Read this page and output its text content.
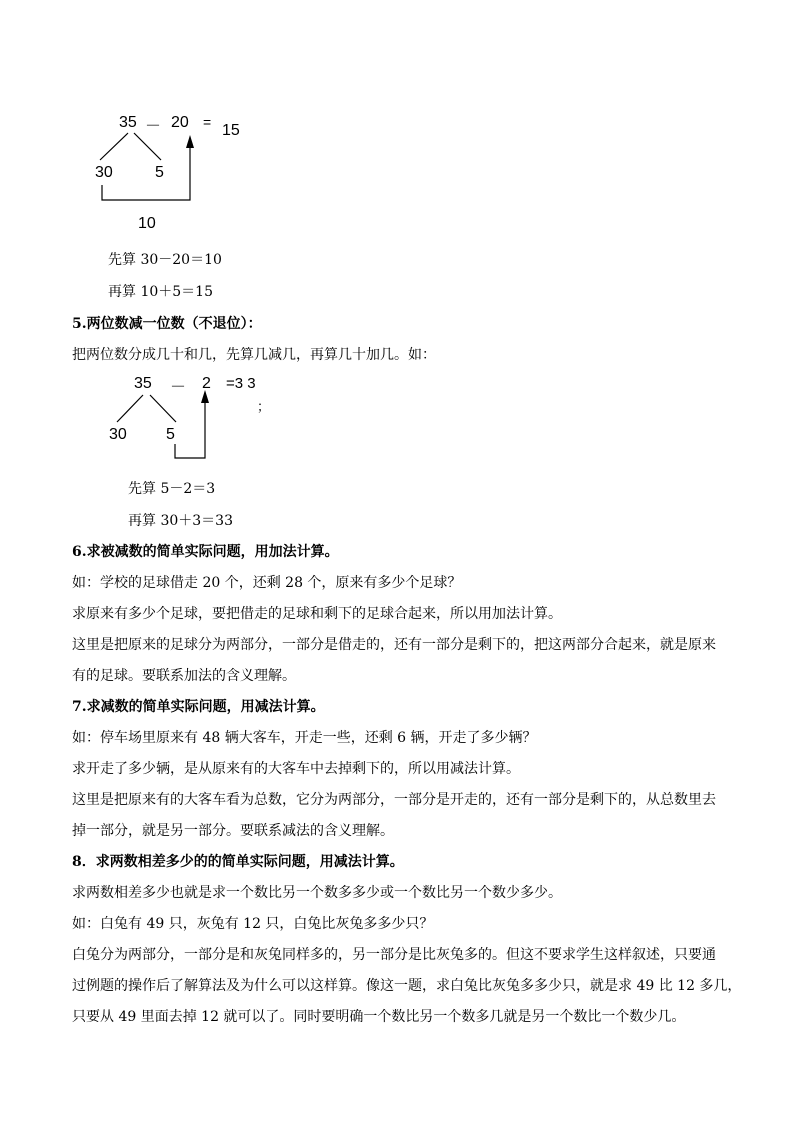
35 － 20 = 15
30	5
10
先算 30－20＝10
再算 10＋5＝15
5.两位数减一位数（不退位）：
把两位数分成几十和几，先算几减几，再算几十加几。如：
35 － 2 =3 3
；
30 5
先算 5－2＝3
再算 30＋3＝33
6.求被减数的简单实际问题，用加法计算。
如：学校的足球借走 20 个，还剩 28 个，原来有多少个足球？
求原来有多少个足球，要把借走的足球和剩下的足球合起来，所以用加法计算。
这里是把原来的足球分为两部分，一部分是借走的，还有一部分是剩下的，把这两部分合起来，就是原来
有的足球。要联系加法的含义理解。
7.求减数的简单实际问题，用减法计算。
如：停车场里原来有 48 辆大客车，开走一些，还剩 6 辆，开走了多少辆？
求开走了多少辆，是从原来有的大客车中去掉剩下的，所以用减法计算。
这里是把原来有的大客车看为总数，它分为两部分，一部分是开走的，还有一部分是剩下的，从总数里去
掉一部分，就是另一部分。要联系减法的含义理解。
8．求两数相差多少的的简单实际问题，用减法计算。
求两数相差多少也就是求一个数比另一个数多多少或一个数比另一个数少多少。
如：白兔有 49 只，灰兔有 12 只，白兔比灰兔多多少只？
白兔分为两部分，一部分是和灰兔同样多的，另一部分是比灰兔多的。但这不要求学生这样叙述，只要通
过例题的操作后了解算法及为什么可以这样算。像这一题，求白兔比灰兔多多少只，就是求 49 比 12 多几，
只要从 49 里面去掉 12 就可以了。同时要明确一个数比另一个数多几就是另一个数比一个数少几。
